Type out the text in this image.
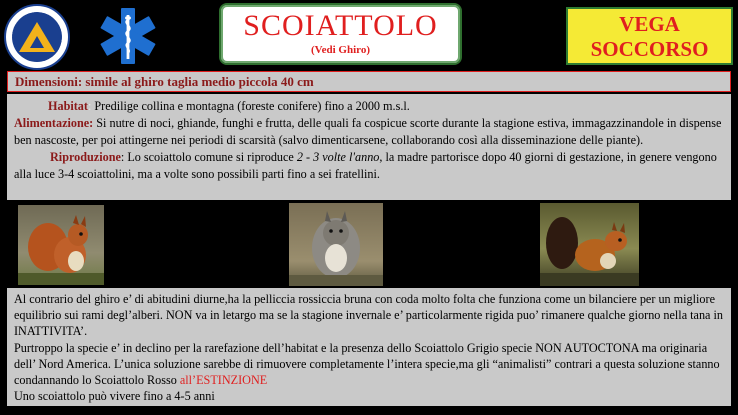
PROTEZIONE CIVILE LOMBARDIA VOLONTARIATO
SCOIATTOLO
(Vedi Ghiro)
VEGA
SOCCORSO
Dimensioni: simile al ghiro taglia medio piccola 40 cm
Habitat: Predilige collina e montagna (foreste conifere) fino a 2000 m.s.l.
Alimentazione: Si nutre di noci, ghiande, funghi e frutta, delle quali fa cospicue scorte durante la stagione estiva, immagazzinandole in dispense ben nascoste, per poi attingerne nei periodi di scarsità (salvo dimenticarsene, collaborando così alla disseminazione delle piante).
Riproduzione: Lo scoiattolo comune si riproduce 2 - 3 volte l'anno, la madre partorisce dopo 40 giorni di gestazione, in genere vengono alla luce 3-4 scoiattolini, ma a volte sono possibili parti fino a sei fratellini.
Al contrario del ghiro e’ di abitudini diurne,ha la pelliccia rossiccia bruna con coda molto folta che funziona come un bilanciere per un migliore equilibrio sui rami degl’alberi. NON va in letargo ma se la stagione invernale e’ particolarmente rigida puo’ rimanere qualche giorno nella tana in INATTIVITA’.
Purtroppo la specie e’ in declino per la rarefazione dell’habitat e la presenza dello Scoiattolo Grigio specie NON AUTOCTONA ma originaria dell’ Nord America. L’unica soluzione sarebbe di rimuovere completamente l’intera specie,ma gli “animalisti” contrari a questa soluzione stanno condannando lo Scoiattolo Rosso all’ESTINZIONE
Uno scoiattolo può vivere fino a 4-5 anni
